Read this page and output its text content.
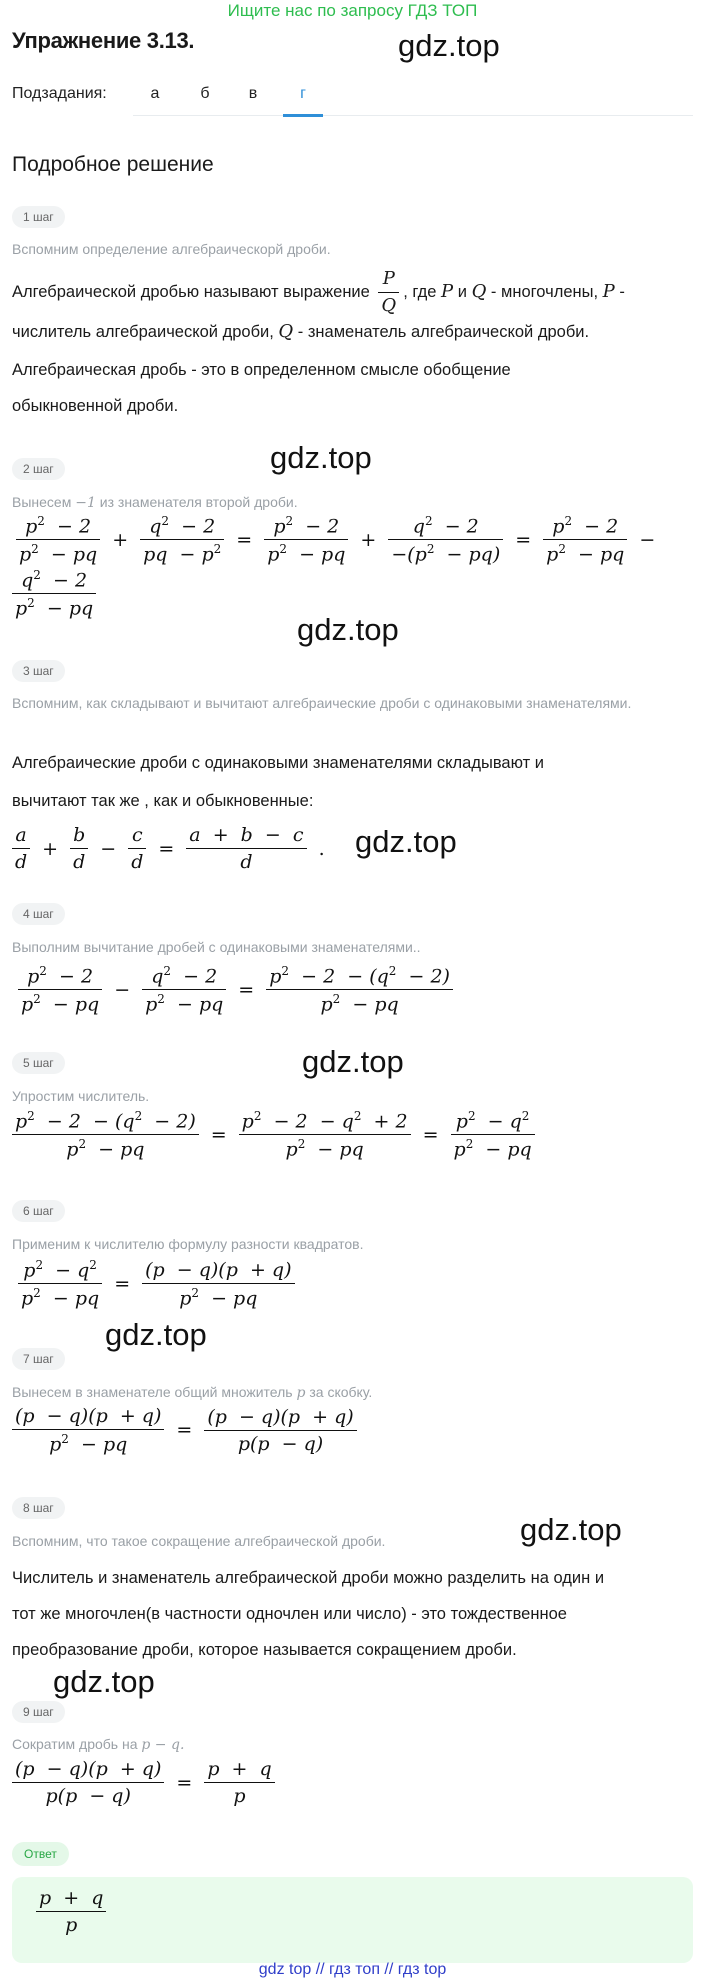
Ищите нас по запросу ГДЗ ТОП
Упражнение 3.13.	gdz.top
Подзадания:	а	б	в	г
Подробное решение
1 шаг
Вспомним определение алгебраическорй дроби.
Алгебраической дробью называют выражение $\frac{P}{Q}$ , где P и Q - многочлены, P -
числитель алгебраической дроби, Q - знаменатель алгебраической дроби.
Алгебраическая дробь - это в определенном смысле обобщение
обыкновенной дроби.
gdz.top
2 шаг
Вынесем −1 из знаменателя второй дроби.
$\frac{p^2 - 2}{p^2 - pq} + \frac{q^2 - 2}{pq - p^2} = \frac{p^2 - 2}{p^2 - pq} + \frac{q^2 - 2}{-(p^2 - pq)} = \frac{p^2 - 2}{p^2 - pq}$ −
$\frac{q^2 - 2}{p^2 - pq}$
gdz.top
3 шаг
Вспомним, как складывают и вычитают алгебраические дроби с одинаковыми знаменателями.
Алгебраические дроби с одинаковыми знаменателями складывают и
вычитают так же , как и обыкновенные:
$\frac{a}{d} + \frac{b}{d} - \frac{c}{d} = \frac{a + b - c}{d}$ . gdz.top
4 шаг
Выполним вычитание дробей с одинаковыми знаменателями..
$\frac{p^2 - 2}{p^2 - pq} - \frac{q^2 - 2}{p^2 - pq} = \frac{p^2 - 2 - (q^2 - 2)}{p^2 - pq}$
gdz.top
5 шаг
Упростим числитель.
$\frac{p^2 - 2 - (q^2 - 2)}{p^2 - pq} = \frac{p^2 - 2 - q^2 + 2}{p^2 - pq} = \frac{p^2 - q^2}{p^2 - pq}$
6 шаг
Применим к числителю формулу разности квадратов.
$\frac{p^2 - q^2}{p^2 - pq} = \frac{(p - q)(p + q)}{p^2 - pq}$
gdz.top
7 шаг
Вынесем в знаменателе общий множитель p за скобку.
$\frac{(p - q)(p + q)}{p^2 - pq} = \frac{(p - q)(p + q)}{p(p - q)}$
8 шаг
Вспомним, что такое сокращение алгебраической дроби.	gdz.top
Числитель и знаменатель алгебраической дроби можно разделить на один и
тот же многочлен(в частности одночлен или число) - это тождественное
преобразование дроби, которое называется сокращением дроби.
gdz.top
9 шаг
Сократим дробь на p − q.
$\frac{(p - q)(p + q)}{p(p - q)} = \frac{p + q}{p}$
Ответ
$\frac{p + q}{p}$
gdz top // гдз топ // гдз top
